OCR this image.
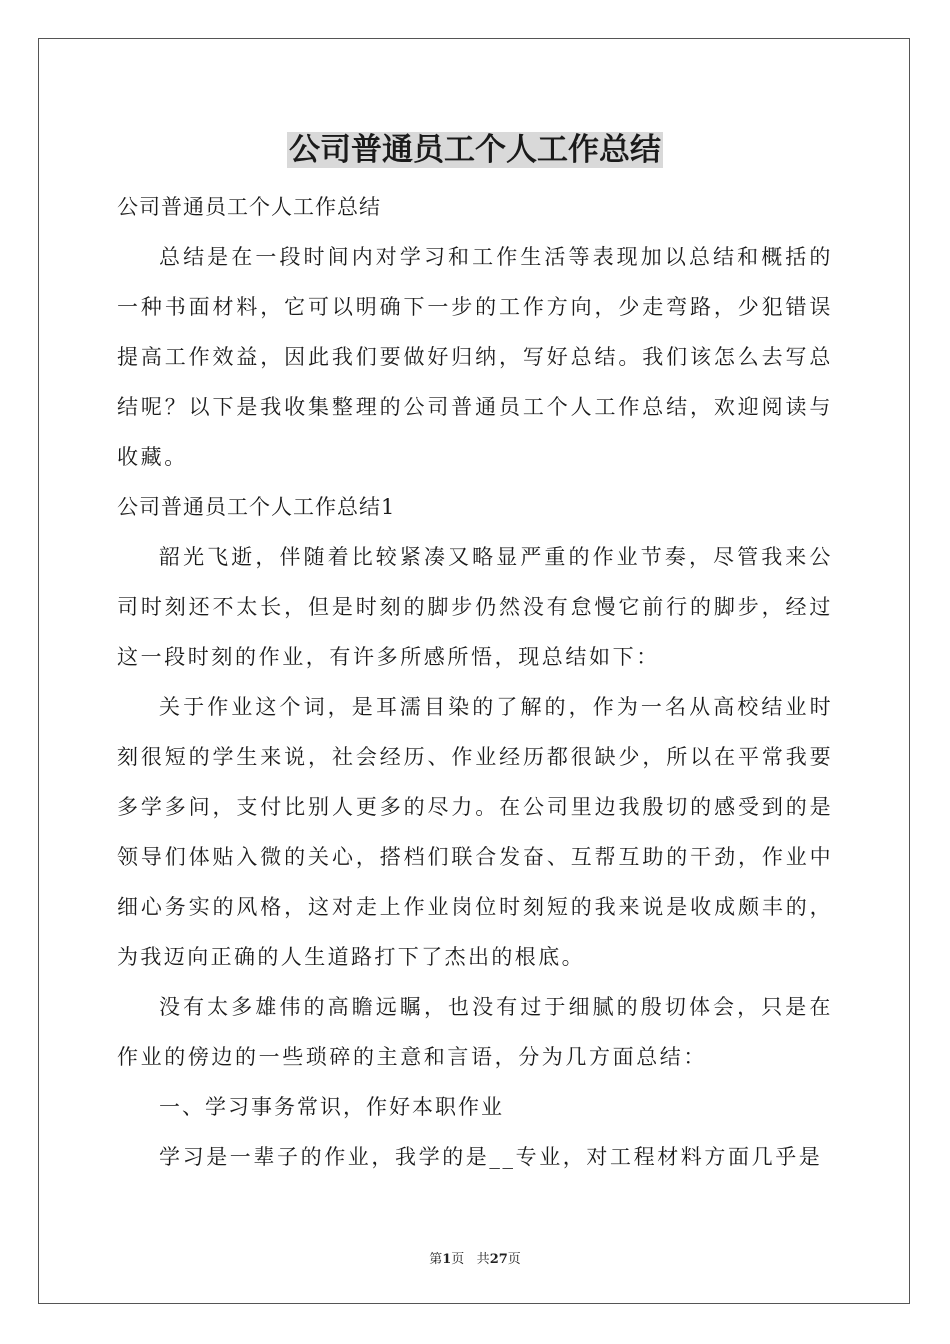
公司普通员工个人工作总结

公司普通员工个人工作总结

总结是在一段时间内对学习和工作生活等表现加以总结和概括的一种书面材料，它可以明确下一步的工作方向，少走弯路，少犯错误提高工作效益，因此我们要做好归纳，写好总结。我们该怎么去写总结呢？以下是我收集整理的公司普通员工个人工作总结，欢迎阅读与收藏。

公司普通员工个人工作总结1

韶光飞逝，伴随着比较紧凑又略显严重的作业节奏，尽管我来公司时刻还不太长，但是时刻的脚步仍然没有怠慢它前行的脚步，经过这一段时刻的作业，有许多所感所悟，现总结如下：

关于作业这个词，是耳濡目染的了解的，作为一名从高校结业时刻很短的学生来说，社会经历、作业经历都很缺少，所以在平常我要多学多问，支付比别人更多的尽力。在公司里边我殷切的感受到的是领导们体贴入微的关心，搭档们联合发奋、互帮互助的干劲，作业中细心务实的风格，这对走上作业岗位时刻短的我来说是收成颇丰的，为我迈向正确的人生道路打下了杰出的根底。

没有太多雄伟的高瞻远瞩，也没有过于细腻的殷切体会，只是在作业的傍边的一些琐碎的主意和言语，分为几方面总结：

一、学习事务常识，作好本职作业

学习是一辈子的作业，我学的是__专业，对工程材料方面几乎是

第1页 共27页
